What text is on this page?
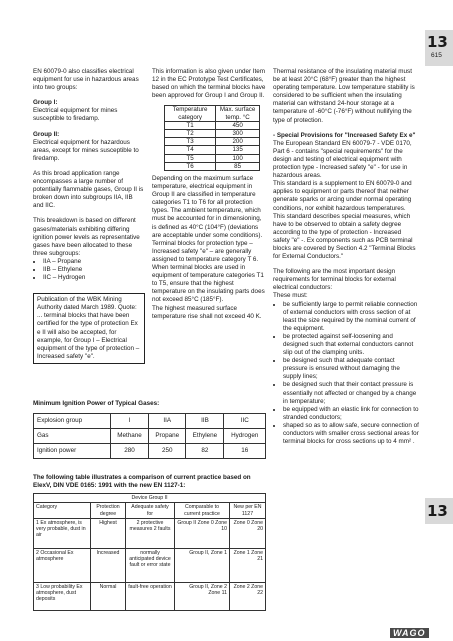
13
615
13

EN 60079-0 also classifies electrical equipment for use in hazardous areas into two groups:

Group I:

Electrical equipment for mines susceptible to firedamp.

Group II:

Electrical equipment for hazardous areas, except for mines susceptible to firedamp.

As this broad application range encompasses a large number of potentially flammable gases, Group II is broken down into subgroups IIA, IIB and IIC.

This breakdown is based on different gases/materials exhibiting differing ignition power levels as representative gases have been allocated to these three subgroups:

• IIA – Propane
• IIB – Ethylene
• IIC – Hydrogen

Publication of the WBK Mining Authority dated March 1989. Quote: ... terminal blocks that have been certified for the type of protection Ex e II will also be accepted, for example, for Group I – Electrical equipment of the type of protection – Increased safety "e".

This information is also given under Item 12 in the EC Prototype Test Certificates, based on which the terminal blocks have been approved for Group I and Group II.

Temperature category	Max. surface temp. °C
T1	450
T2	300
T3	200
T4	135
T5	100
T6	85

Depending on the maximum surface temperature, electrical equipment in Group II are classified in temperature categories T1 to T6 for all protection types. The ambient temperature, which must be accounted for in dimensioning, is defined as 40°C (104°F) (deviations are acceptable under some conditions).

Terminal blocks for protection type – Increased safety "e" – are generally assigned to temperature category T 6. When terminal blocks are used in equipment of temperature categories T1 to T5, ensure that the highest temperature on the insulating parts does not exceed 85°C (185°F).

The highest measured surface temperature rise shall not exceed 40 K.

Thermal resistance of the insulating material must be at least 20°C (68°F) greater than the highest operating temperature. Low temperature stability is considered to be sufficient when the insulating material can withstand 24-hour storage at a temperature of -60°C (-76°F) without nullifying the type of protection.

- Special Provisions for "Increased Safety Ex e"

The European Standard EN 60079-7 - VDE 0170, Part 6 - contains "special requirements" for the design and testing of electrical equipment with protection type - Increased safety "e" - for use in hazardous areas.

This standard is a supplement to EN 60079-0 and applies to equipment or parts thereof that neither generate sparks or arcing under normal operating conditions, nor exhibit hazardous temperatures. This standard describes special measures, which have to be observed to obtain a safety degree according to the type of protection - Increased safety "e" -. Ex components such as PCB terminal blocks are covered by Section 4.2 "Terminal Blocks for External Conductors."

The following are the most important design requirements for terminal blocks for external electrical conductors:

These must:

• be sufficiently large to permit reliable connection of external conductors with cross section of at least the size required by the nominal current of the equipment.
• be protected against self-loosening and designed such that external conductors cannot slip out of the clamping units.
• be designed such that adequate contact pressure is ensured without damaging the supply lines;
• be designed such that their contact pressure is essentially not affected or changed by a change in temperature;
• be equipped with an elastic link for connection to stranded conductors;
• shaped so as to allow safe, secure connection of conductors with smaller cross sectional areas for terminal blocks for cross sections up to 4 mm² .

Minimum Ignition Power of Typical Gases:

Explosion group	I	IIA	IIB	IIC
Gas	Methane	Propane	Ethylene	Hydrogen
Ignition power	280	250	82	16

The following table illustrates a comparison of current practice based on

ElexV, DIN VDE 0165: 1991 with the new EN 1127-1:

Device Group II				
Category	Protection degree	Adequate safety for	Comparable to current practice	New per EN 1127
1 Ex atmosphere, is very probable, dust in air	Highest	2 protective measures 2 faults	Group II Zone 0 Zone 10	Zone 0 Zone 20
2 Occasional Ex atmosphere	Increased	normally anticipated device fault or error state	Group II, Zone 1	Zone 1 Zone 21
3 Low probability Ex atmosphere, dust deposits	Normal	fault-free operation	Group II, Zone 2 Zone 11	Zone 2 Zone 22
WAGO
